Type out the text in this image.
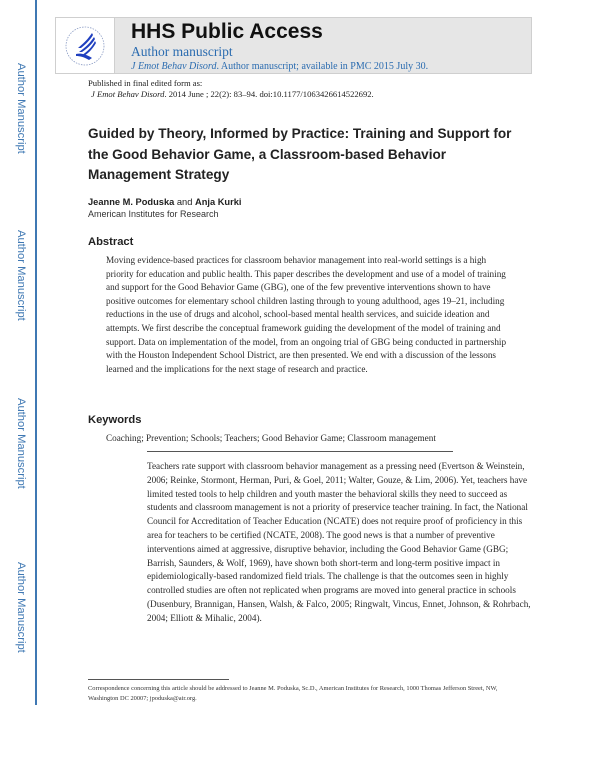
Author Manuscript
Author Manuscript
Author Manuscript
Author Manuscript
HHS Public Access
Author manuscript
J Emot Behav Disord. Author manuscript; available in PMC 2015 July 30.
Published in final edited form as:
J Emot Behav Disord. 2014 June ; 22(2): 83–94. doi:10.1177/1063426614522692.
Guided by Theory, Informed by Practice: Training and Support for the Good Behavior Game, a Classroom-based Behavior Management Strategy
Jeanne M. Poduska and Anja Kurki
American Institutes for Research
Abstract
Moving evidence-based practices for classroom behavior management into real-world settings is a high priority for education and public health. This paper describes the development and use of a model of training and support for the Good Behavior Game (GBG), one of the few preventive interventions shown to have positive outcomes for elementary school children lasting through to young adulthood, ages 19–21, including reductions in the use of drugs and alcohol, school-based mental health services, and suicide ideation and attempts. We first describe the conceptual framework guiding the development of the model of training and support. Data on implementation of the model, from an ongoing trial of GBG being conducted in partnership with the Houston Independent School District, are then presented. We end with a discussion of the lessons learned and the implications for the next stage of research and practice.
Keywords
Coaching; Prevention; Schools; Teachers; Good Behavior Game; Classroom management
Teachers rate support with classroom behavior management as a pressing need (Evertson & Weinstein, 2006; Reinke, Stormont, Herman, Puri, & Goel, 2011; Walter, Gouze, & Lim, 2006). Yet, teachers have limited tested tools to help children and youth master the behavioral skills they need to succeed as students and classroom management is not a priority of preservice teacher training. In fact, the National Council for Accreditation of Teacher Education (NCATE) does not require proof of proficiency in this area for teachers to be certified (NCATE, 2008). The good news is that a number of preventive interventions aimed at aggressive, disruptive behavior, including the Good Behavior Game (GBG; Barrish, Saunders, & Wolf, 1969), have shown both short-term and long-term positive impact in epidemiologically-based randomized field trials. The challenge is that the outcomes seen in highly controlled studies are often not replicated when programs are moved into general practice in schools (Dusenbury, Brannigan, Hansen, Walsh, & Falco, 2005; Ringwalt, Vincus, Ennet, Johnson, & Rohrbach, 2004; Elliott & Mihalic, 2004).
Correspondence concerning this article should be addressed to Jeanne M. Poduska, Sc.D., American Institutes for Research, 1000 Thomas Jefferson Street, NW, Washington DC 20007; jpoduska@air.org.
